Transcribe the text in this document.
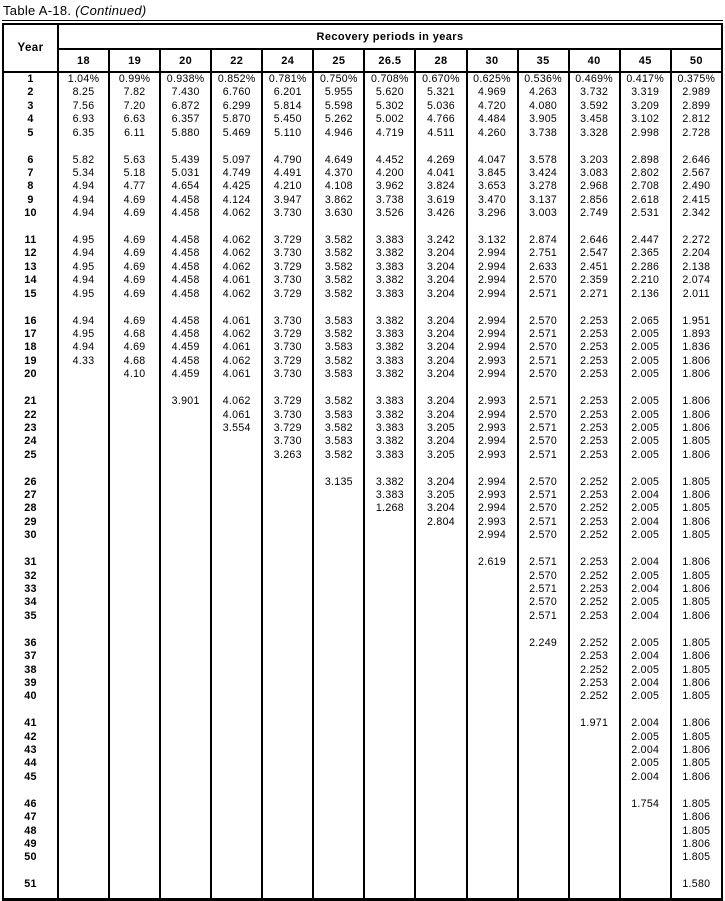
Table A-18. (Continued)
Year	Recovery periods in years												
	18	19	20	22	24	25	26.5	28	30	35	40	45	50
1	1.04%	0.99%	0.938%	0.852%	0.781%	0.750%	0.708%	0.670%	0.625%	0.536%	0.469%	0.417%	0.375%
2	8.25	7.82	7.430	6.760	6.201	5.955	5.620	5.321	4.969	4.263	3.732	3.319	2.989
3	7.56	7.20	6.872	6.299	5.814	5.598	5.302	5.036	4.720	4.080	3.592	3.209	2.899
4	6.93	6.63	6.357	5.870	5.450	5.262	5.002	4.766	4.484	3.905	3.458	3.102	2.812
5	6.35	6.11	5.880	5.469	5.110	4.946	4.719	4.511	4.260	3.738	3.328	2.998	2.728

6	5.82	5.63	5.439	5.097	4.790	4.649	4.452	4.269	4.047	3.578	3.203	2.898	2.646
7	5.34	5.18	5.031	4.749	4.491	4.370	4.200	4.041	3.845	3.424	3.083	2.802	2.567
8	4.94	4.77	4.654	4.425	4.210	4.108	3.962	3.824	3.653	3.278	2.968	2.708	2.490
9	4.94	4.69	4.458	4.124	3.947	3.862	3.738	3.619	3.470	3.137	2.856	2.618	2.415
10	4.94	4.69	4.458	4.062	3.730	3.630	3.526	3.426	3.296	3.003	2.749	2.531	2.342

11	4.95	4.69	4.458	4.062	3.729	3.582	3.383	3.242	3.132	2.874	2.646	2.447	2.272
12	4.94	4.69	4.458	4.062	3.730	3.582	3.382	3.204	2.994	2.751	2.547	2.365	2.204
13	4.95	4.69	4.458	4.062	3.729	3.582	3.383	3.204	2.994	2.633	2.451	2.286	2.138
14	4.94	4.69	4.458	4.061	3.730	3.582	3.382	3.204	2.994	2.570	2.359	2.210	2.074
15	4.95	4.69	4.458	4.062	3.729	3.582	3.383	3.204	2.994	2.571	2.271	2.136	2.011

16	4.94	4.69	4.458	4.061	3.730	3.583	3.382	3.204	2.994	2.570	2.253	2.065	1.951
17	4.95	4.68	4.458	4.062	3.729	3.582	3.383	3.204	2.994	2.571	2.253	2.005	1.893
18	4.94	4.69	4.459	4.061	3.730	3.583	3.382	3.204	2.994	2.570	2.253	2.005	1.836
19	4.33	4.68	4.458	4.062	3.729	3.582	3.383	3.204	2.993	2.571	2.253	2.005	1.806
20		4.10	4.459	4.061	3.730	3.583	3.382	3.204	2.994	2.570	2.253	2.005	1.806

21			3.901	4.062	3.729	3.582	3.383	3.204	2.993	2.571	2.253	2.005	1.806
22				4.061	3.730	3.583	3.382	3.204	2.994	2.570	2.253	2.005	1.806
23				3.554	3.729	3.582	3.383	3.205	2.993	2.571	2.253	2.005	1.806
24					3.730	3.583	3.382	3.204	2.994	2.570	2.253	2.005	1.805
25					3.263	3.582	3.383	3.205	2.993	2.571	2.253	2.005	1.806

26						3.135	3.382	3.204	2.994	2.570	2.252	2.005	1.805
27							3.383	3.205	2.993	2.571	2.253	2.004	1.806
28							1.268	3.204	2.994	2.570	2.252	2.005	1.805
29								2.804	2.993	2.571	2.253	2.004	1.806
30									2.994	2.570	2.252	2.005	1.805

31									2.619	2.571	2.253	2.004	1.806
32										2.570	2.252	2.005	1.805
33										2.571	2.253	2.004	1.806
34										2.570	2.252	2.005	1.805
35										2.571	2.253	2.004	1.806

36										2.249	2.252	2.005	1.805
37											2.253	2.004	1.806
38											2.252	2.005	1.805
39											2.253	2.004	1.806
40											2.252	2.005	1.805

41											1.971	2.004	1.806
42												2.005	1.805
43												2.004	1.806
44												2.005	1.805
45												2.004	1.806

46												1.754	1.805
47													1.806
48													1.805
49													1.806
50													1.805

51													1.580
